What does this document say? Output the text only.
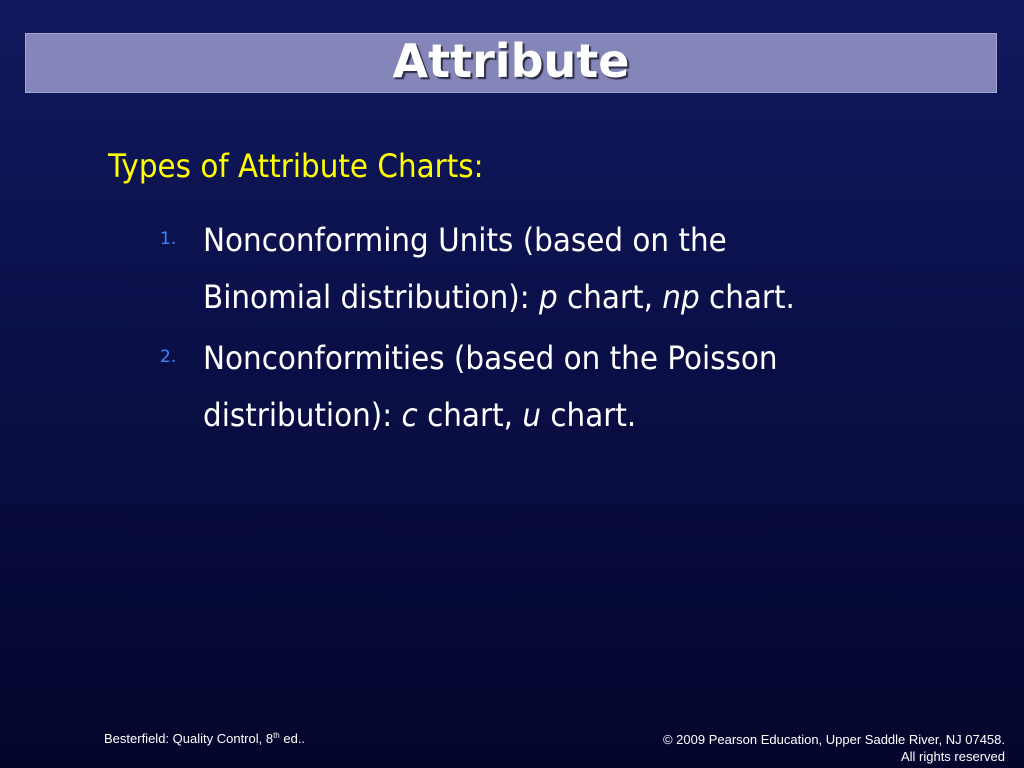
Attribute
Types of Attribute Charts:
1. Nonconforming Units (based on the
Binomial distribution): p chart, np chart.
2. Nonconformities (based on the Poisson
distribution): c chart, u chart.
Besterfield: Quality Control, 8th ed..	© 2009 Pearson Education, Upper Saddle River, NJ 07458.
All rights reserved
